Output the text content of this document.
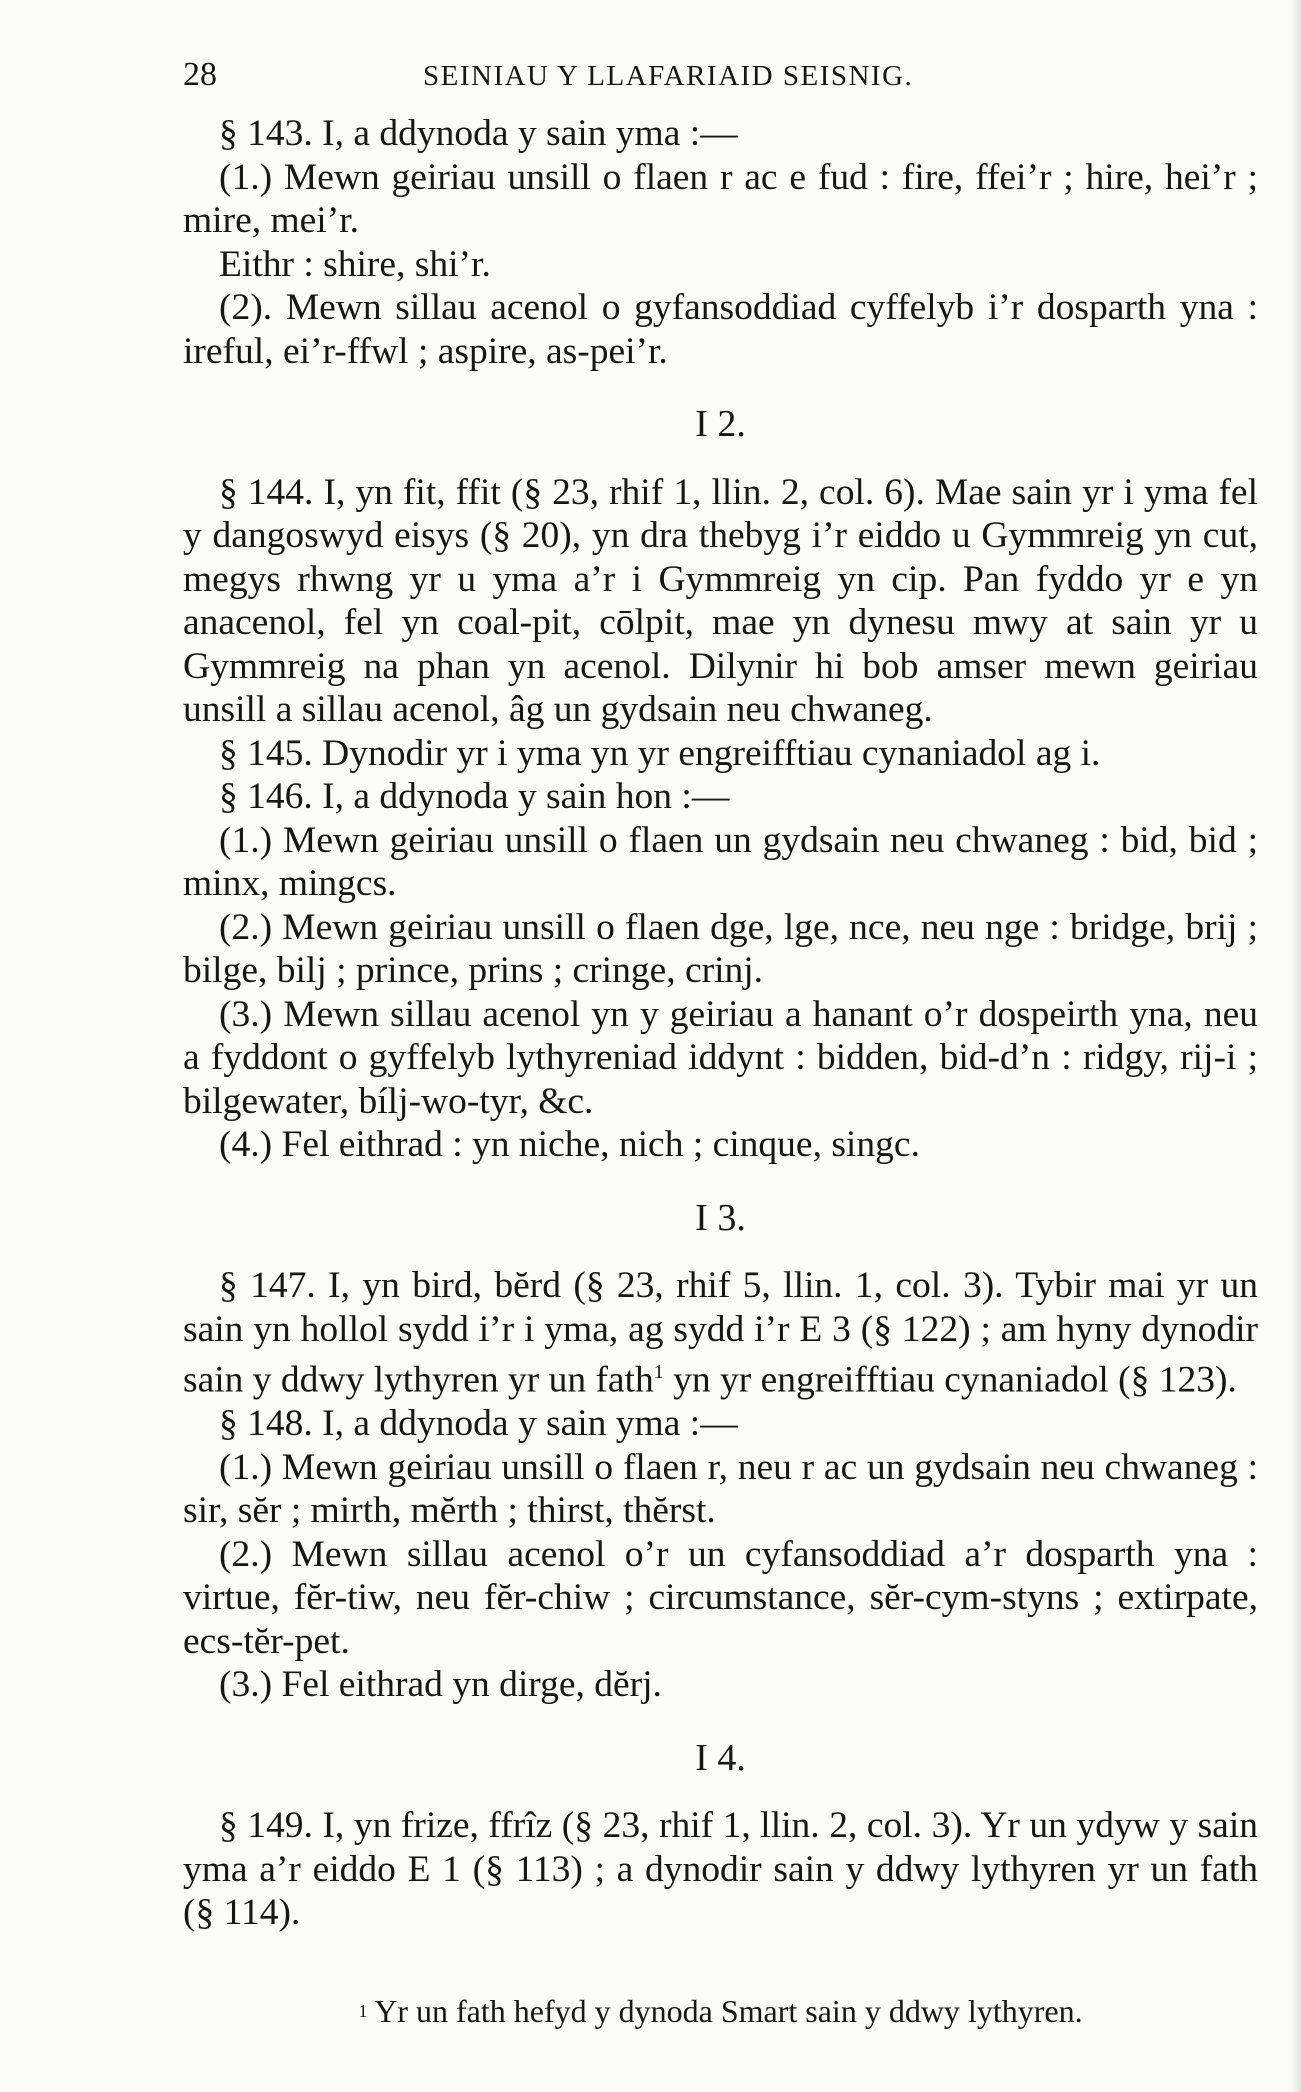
28	SEINIAU Y LLAFARIAID SEISNIG.

§ 143. I, a ddynoda y sain yma :—

(1.) Mewn geiriau unsill o flaen r ac e fud : fire, ffei’r ; hire, hei’r ; mire, mei’r.

Eithr : shire, shi’r.

(2). Mewn sillau acenol o gyfansoddiad cyffelyb i’r dosparth yna : ireful, ei’r-ffwl ; aspire, as-pei’r.

I 2.

§ 144. I, yn fit, ffit (§ 23, rhif 1, llin. 2, col. 6). Mae sain yr i yma fel y dangoswyd eisys (§ 20), yn dra thebyg i’r eiddo u Gymmreig yn cut, megys rhwng yr u yma a’r i Gymmreig yn cip. Pan fyddo yr e yn anacenol, fel yn coal-pit, cōlpit, mae yn dynesu mwy at sain yr u Gymmreig na phan yn acenol. Dilynir hi bob amser mewn geiriau unsill a sillau acenol, âg un gydsain neu chwaneg.

§ 145. Dynodir yr i yma yn yr engreifftiau cynaniadol ag i.

§ 146. I, a ddynoda y sain hon :—

(1.) Mewn geiriau unsill o flaen un gydsain neu chwaneg : bid, bid ; minx, mingcs.

(2.) Mewn geiriau unsill o flaen dge, lge, nce, neu nge : bridge, brij ; bilge, bilj ; prince, prins ; cringe, crinj.

(3.) Mewn sillau acenol yn y geiriau a hanant o’r dospeirth yna, neu a fyddont o gyffelyb lythyreniad iddynt : bidden, bid-d’n : ridgy, rij-i ; bilgewater, bílj-wo-tyr, &c.

(4.) Fel eithrad : yn niche, nich ; cinque, singc.

I 3.

§ 147. I, yn bird, bĕrd (§ 23, rhif 5, llin. 1, col. 3). Tybir mai yr un sain yn hollol sydd i’r i yma, ag sydd i’r E 3 (§ 122) ; am hyny dynodir sain y ddwy lythyren yr un fath$^1$ yn yr engreifftiau cynaniadol (§ 123).

§ 148. I, a ddynoda y sain yma :—

(1.) Mewn geiriau unsill o flaen r, neu r ac un gydsain neu chwaneg : sir, sĕr ; mirth, mĕrth ; thirst, thĕrst.

(2.) Mewn sillau acenol o’r un cyfansoddiad a’r dosparth yna : virtue, fĕr-tiw, neu fĕr-chiw ; circumstance, sĕr-cym-styns ; extirpate, ecs-tĕr-pet.

(3.) Fel eithrad yn dirge, dĕrj.

I 4.

§ 149. I, yn frize, ffrîz (§ 23, rhif 1, llin. 2, col. 3). Yr un ydyw y sain yma a’r eiddo E 1 (§ 113) ; a dynodir sain y ddwy lythyren yr un fath (§ 114).

$^1$ Yr un fath hefyd y dynoda Smart sain y ddwy lythyren.
